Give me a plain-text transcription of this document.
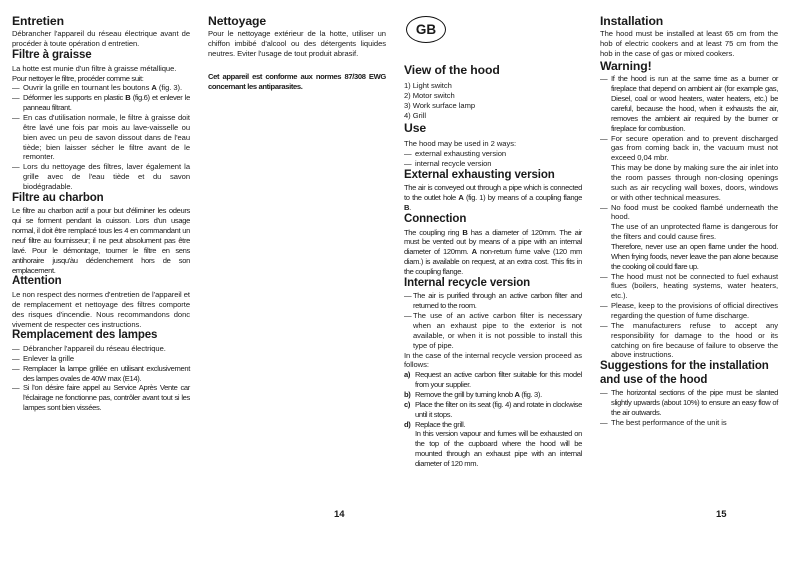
Entretien

Débrancher l'appareil du réseau électrique avant de procéder à toute opération d entretien.

Filtre à graisse

La hotte est munie d'un filtre à graisse métallique.

Pour nettoyer le filtre, procéder comme suit:

— Ouvrir la grille en tournant les boutons A (fig. 3).
— Déformer les supports en plastic B (fig.6) et enlever le panneau filtrant.
— En cas d'utilisation normale, le filtre à graisse doit être lavé une fois par mois au lave-vaisselle ou bien avec un peu de savon dissout dans de l'eau tiède; bien laisser sécher le filtre avant de le remonter.
— Lors du nettoyage des filtres, laver également la grille avec de l'eau tiède et du savon biodégradable.
Filtre au charbon

Le filtre au charbon actif a pour but d'éliminer les odeurs qui se forment pendant la cuisson. Lors d'un usage normal, il doit être remplacé tous les 4 en commandant un neuf filtre au fournisseur; il ne peut absolument pas être lavé. Pour le démontage, tourner le filtre en sens antihoraire jusqu'àu déclenchement hors de son emplacement.

Attention

Le non respect des normes d'entretien de l'appareil et de remplacement et nettoyage des filtres comporte des risques d'incendie. Nous recommandons donc vivement de respecter ces instructions.

Remplacement des lampes
— Débrancher l'appareil du réseau électrique.
— Enlever la grille
— Remplacer la lampe grillée en utilisant exclusivement des lampes ovales de 40W max (E14).
— Si l'on désire faire appel au Service Après Vente car l'éclairage ne fonctionne pas, contrôler avant tout si les lampes sont bien vissées.
Nettoyage

Pour le nettoyage extérieur de la hotte, utiliser un chiffon imbibé d'alcool ou des détergents liquides neutres. Eviter l'usage de tout produit abrasif.

Cet appareil est conforme aux normes 87/308 EWG concernant les antiparasites.

GB
View of the hood
1) Light switch
2) Motor switch
3) Work surface lamp
4) Grill
Use

The hood may be used in 2 ways:

— external exhausting version
— internal recycle version
External exhausting version

The air is conveyed out through a pipe which is connected to the outlet hole A (fig. 1) by means of a coupling flange B.

Connection

The coupling ring B has a diameter of 120mm. The air must be vented out by means of a pipe with an internal diameter of 120mm. A non-return fume valve (120 mm diam.) is available on request, at an extra cost. This fits in the coupling flange.

Internal recycle version
— The air is purified through an active carbon filter and returned to the room.
— The use of an active carbon filter is necessary when an exhaust pipe to the exterior is not available, or when it is not possible to install this type of pipe.

In the case of the internal recycle version proceed as follows:

a) Request an active carbon filter suitable for this model from your supplier.
b) Remove the grill by turning knob A (fig. 3).
c) Place the filter on its seat (fig. 4) and rotate in clockwise until it stops.
d) Replace the grill.
In this version vapour and fumes will be exhausted on the top of the cupboard where the hood will be mounted through an exhaust pipe with an internal diameter of 120 mm.
Installation

The hood must be installed at least 65 cm from the hob of electric cookers and at least 75 cm from the hob in the case of gas or mixed cookers.

Warning!
— If the hood is run at the same time as a burner or fireplace that depend on ambient air (for example gas, Diesel, coal or wood heaters, water heaters, etc.) be careful, because the hood, when it exhausts the air, removes the ambient air required by the burner or fireplace for combustion.
— For secure operation and to prevent discharged gas from coming back in, the vacuum must not exceed 0,04 mbr.
This may be done by making sure the air inlet into the room passes through non-closing openings such as air recycling wall boxes, doors, windows or with other technical measures.
— No food must be cooked flambé underneath the hood.
The use of an unprotected flame is dangerous for the filters and could cause fires.
Therefore, never use an open flame under the hood. When frying foods, never leave the pan alone because the cooking oil could flare up.
— The hood must not be connected to fuel exhaust flues (boilers, heating systems, water heaters, etc.).
— Please, keep to the provisions of official directives regarding the question of fume discharge.
— The manufacturers refuse to accept any responsibility for damage to the hood or its catching on fire because of failure to observe the above instructions.
Suggestions for the installation and use of the hood
— The horizontal sections of the pipe must be slanted slightly upwards (about 10%) to ensure an easy flow of the air outwards.
— The best performance of the unit is
14	15
